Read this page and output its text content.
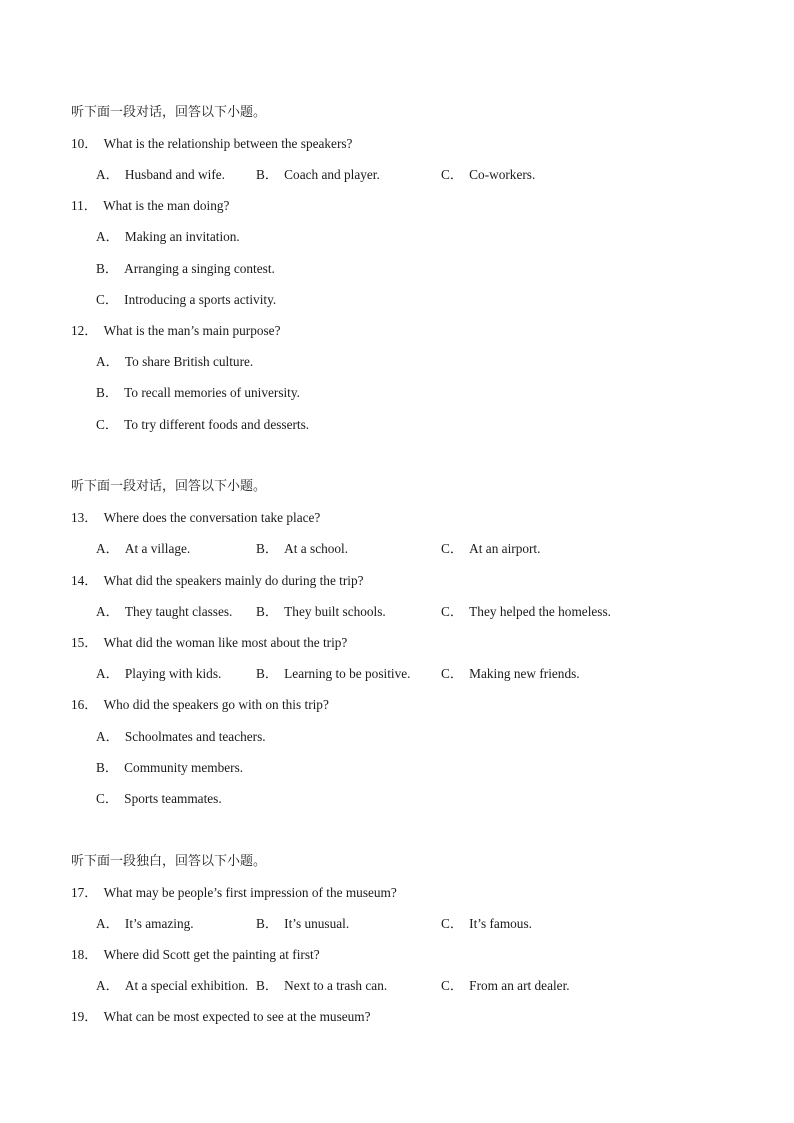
听下面一段对话，回答以下小题。
10． What is the relationship between the speakers?
A． Husband and wife. B． Coach and player.	C． Co-workers.
11． What is the man doing?
A． Making an invitation.
B． Arranging a singing contest.
C． Introducing a sports activity.
12． What is the man’s main purpose?
A． To share British culture.
B． To recall memories of university.
C． To try different foods and desserts.
听下面一段对话，回答以下小题。
13． Where does the conversation take place?
A． At a village.	B． At a school.	C． At an airport.
14． What did the speakers mainly do during the trip?
A． They taught classes. B． They built schools.	C． They helped the homeless.
15． What did the woman like most about the trip?
A． Playing with kids.	B． Learning to be positive. C． Making new friends.
16． Who did the speakers go with on this trip?
A． Schoolmates and teachers.
B． Community members.
C． Sports teammates.
听下面一段独白，回答以下小题。
17． What may be people’s first impression of the museum?
A． It’s amazing.	B． It’s unusual.	C． It’s famous.
18． Where did Scott get the painting at first?
A． At a special exhibition. B． Next to a trash can.	C． From an art dealer.
19． What can be most expected to see at the museum?
